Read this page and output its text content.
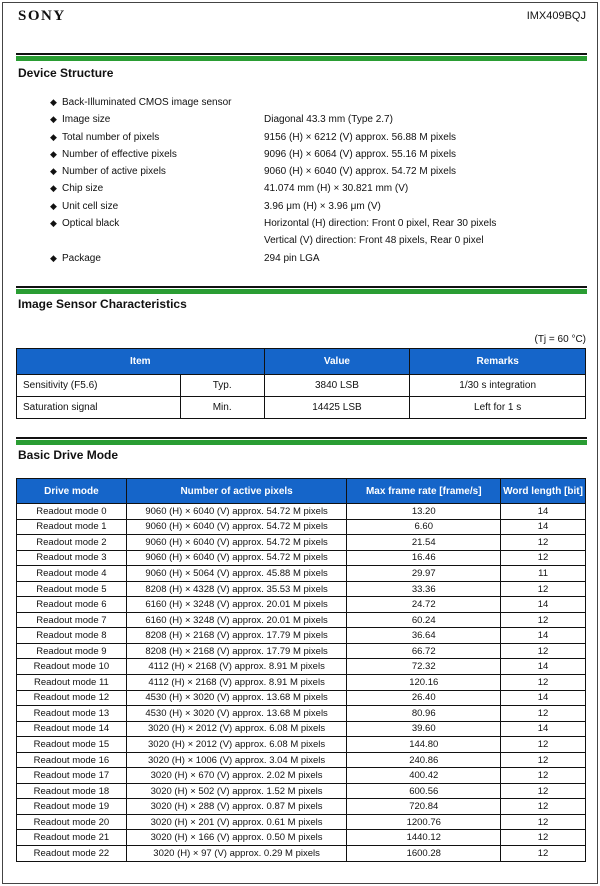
SONY	IMX409BQJ
Device Structure
◆ Back-Illuminated CMOS image sensor
◆ Image size	Diagonal 43.3 mm (Type 2.7)
◆ Total number of pixels	9156 (H) × 6212 (V) approx. 56.88 M pixels
◆ Number of effective pixels	9096 (H) × 6064 (V) approx. 55.16 M pixels
◆ Number of active pixels	9060 (H) × 6040 (V) approx. 54.72 M pixels
◆ Chip size	41.074 mm (H) × 30.821 mm (V)
◆ Unit cell size	3.96 μm (H) × 3.96 μm (V)
◆ Optical black	Horizontal (H) direction: Front 0 pixel, Rear 30 pixels
Vertical (V) direction: Front 48 pixels, Rear 0 pixel
◆ Package	294 pin LGA
Image Sensor Characteristics
(Tj = 60 °C)
Item		Value	Remarks
Sensitivity (F5.6)	Typ.	3840 LSB	1/30 s integration
Saturation signal	Min.	14425 LSB	Left for 1 s
Basic Drive Mode
Drive mode	Number of active pixels	Max frame rate [frame/s]	Word length [bit]
Readout mode 0	9060 (H) × 6040 (V) approx. 54.72 M pixels	13.20	14
Readout mode 1	9060 (H) × 6040 (V) approx. 54.72 M pixels	6.60	14
Readout mode 2	9060 (H) × 6040 (V) approx. 54.72 M pixels	21.54	12
Readout mode 3	9060 (H) × 6040 (V) approx. 54.72 M pixels	16.46	12
Readout mode 4	9060 (H) × 5064 (V) approx. 45.88 M pixels	29.97	11
Readout mode 5	8208 (H) × 4328 (V) approx. 35.53 M pixels	33.36	12
Readout mode 6	6160 (H) × 3248 (V) approx. 20.01 M pixels	24.72	14
Readout mode 7	6160 (H) × 3248 (V) approx. 20.01 M pixels	60.24	12
Readout mode 8	8208 (H) × 2168 (V) approx. 17.79 M pixels	36.64	14
Readout mode 9	8208 (H) × 2168 (V) approx. 17.79 M pixels	66.72	12
Readout mode 10	4112 (H) × 2168 (V) approx. 8.91 M pixels	72.32	14
Readout mode 11	4112 (H) × 2168 (V) approx. 8.91 M pixels	120.16	12
Readout mode 12	4530 (H) × 3020 (V) approx. 13.68 M pixels	26.40	14
Readout mode 13	4530 (H) × 3020 (V) approx. 13.68 M pixels	80.96	12
Readout mode 14	3020 (H) × 2012 (V) approx. 6.08 M pixels	39.60	14
Readout mode 15	3020 (H) × 2012 (V) approx. 6.08 M pixels	144.80	12
Readout mode 16	3020 (H) × 1006 (V) approx. 3.04 M pixels	240.86	12
Readout mode 17	3020 (H) × 670 (V) approx. 2.02 M pixels	400.42	12
Readout mode 18	3020 (H) × 502 (V) approx. 1.52 M pixels	600.56	12
Readout mode 19	3020 (H) × 288 (V) approx. 0.87 M pixels	720.84	12
Readout mode 20	3020 (H) × 201 (V) approx. 0.61 M pixels	1200.76	12
Readout mode 21	3020 (H) × 166 (V) approx. 0.50 M pixels	1440.12	12
Readout mode 22	3020 (H) × 97 (V) approx. 0.29 M pixels	1600.28	12
